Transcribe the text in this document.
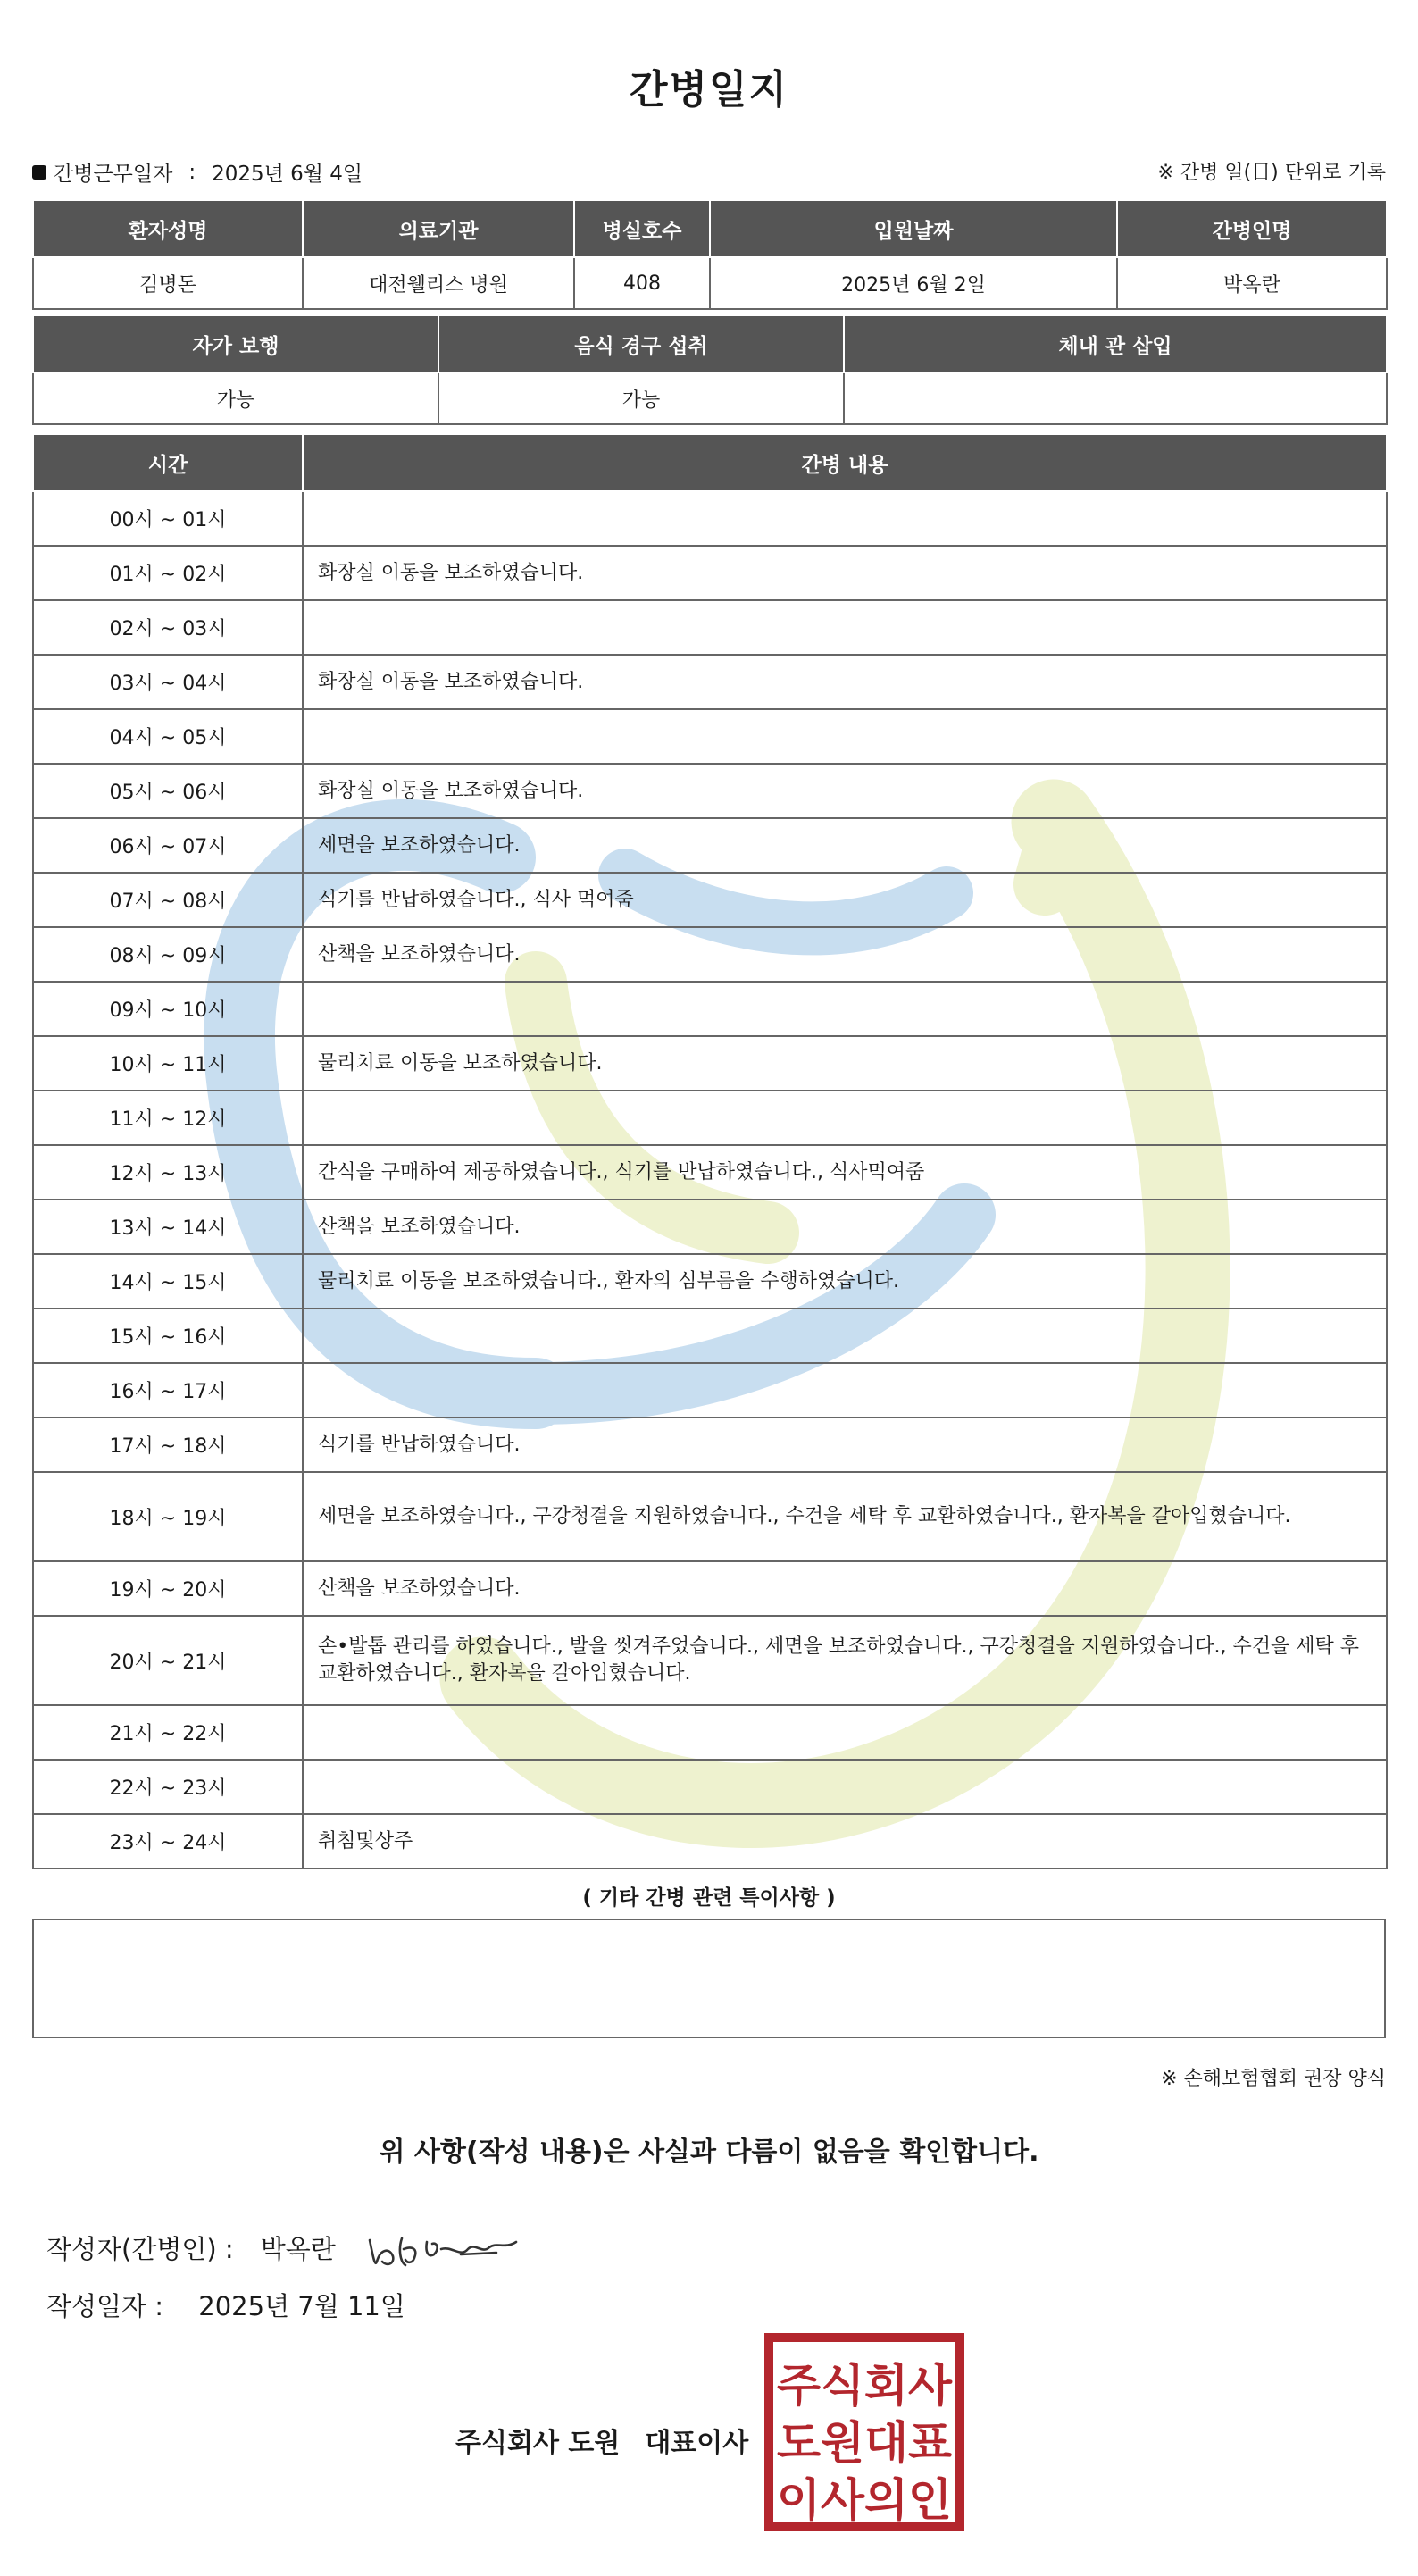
간병일지
간병근무일자 : 2025년 6월 4일	※ 간병 일(日) 단위로 기록
환자성명	의료기관	병실호수	입원날짜	간병인명
김병돈	대전웰리스 병원	408	2025년 6월 2일	박옥란
자가 보행	음식 경구 섭취	체내 관 삽입
가능	가능	
시간	간병 내용
00시 ~ 01시	
01시 ~ 02시	화장실 이동을 보조하였습니다.
02시 ~ 03시	
03시 ~ 04시	화장실 이동을 보조하였습니다.
04시 ~ 05시	
05시 ~ 06시	화장실 이동을 보조하였습니다.
06시 ~ 07시	세면을 보조하였습니다.
07시 ~ 08시	식기를 반납하였습니다., 식사 먹여줌
08시 ~ 09시	산책을 보조하였습니다.
09시 ~ 10시	
10시 ~ 11시	물리치료 이동을 보조하였습니다.
11시 ~ 12시	
12시 ~ 13시	간식을 구매하여 제공하였습니다., 식기를 반납하였습니다., 식사먹여줌
13시 ~ 14시	산책을 보조하였습니다.
14시 ~ 15시	물리치료 이동을 보조하였습니다., 환자의 심부름을 수행하였습니다.
15시 ~ 16시	
16시 ~ 17시	
17시 ~ 18시	식기를 반납하였습니다.
18시 ~ 19시	세면을 보조하였습니다., 구강청결을 지원하였습니다., 수건을 세탁 후 교환하였습니다., 환자복을 갈아입혔습니다.
19시 ~ 20시	산책을 보조하였습니다.
20시 ~ 21시	손•발톱 관리를 하였습니다., 발을 씻겨주었습니다., 세면을 보조하였습니다., 구강청결을 지원하였습니다., 수건을 세탁 후 교환하였습니다., 환자복을 갈아입혔습니다.
21시 ~ 22시	
22시 ~ 23시	
23시 ~ 24시	취침및상주
( 기타 간병 관련 특이사항 )
※ 손해보험협회 권장 양식
위 사항(작성 내용)은 사실과 다름이 없음을 확인합니다.
작성자(간병인) : 박옥란
작성일자 : 2025년 7월 11일
주식회사 도원 대표이사
주식회사
도원대표
이사의인
